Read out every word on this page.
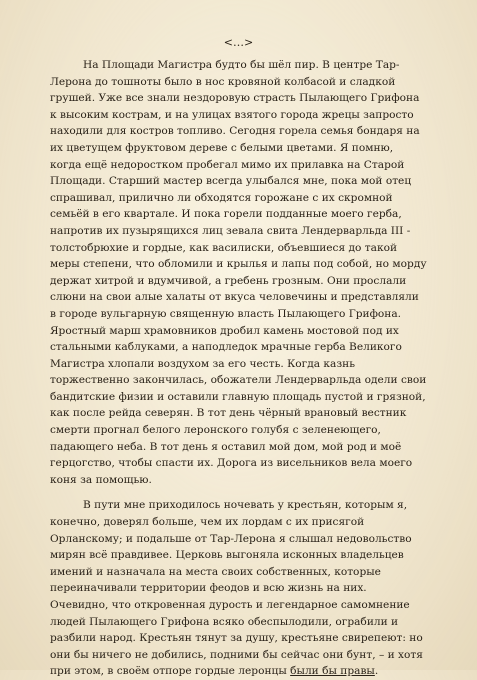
<…>

На Площади Магистра будто бы шёл пир. В центре Тар-Лерона до тошноты было в нос кровяной колбасой и сладкой грушей. Уже все знали нездоровую страсть Пылающего Грифона к высоким кострам, и на улицах взятого города жрецы запросто находили для костров топливо. Сегодня горела семья бондаря на их цветущем фруктовом дереве с белыми цветами. Я помню, когда ещё недоростком пробегал мимо их прилавка на Старой Площади. Старший мастер всегда улыбался мне, пока мой отец спрашивал, прилично ли обходятся горожане с их скромной семьёй в его квартале. И пока горели подданные моего герба, напротив их пузырящихся лиц зевала свита Лендерварльда III - толстобрюхие и гордые, как василиски, объевшиеся до такой меры степени, что обломили и крылья и лапы под собой, но морду держат хитрой и вдумчивой, а гребень грозным. Они прослали слюни на свои алые халаты от вкуса человечины и представляли в городе вульгарную священную власть Пылающего Грифона. Яростный марш храмовников дробил камень мостовой под их стальными каблуками, а наподледок мрачные герба Великого Магистра хлопали воздухом за его честь. Когда казнь торжественно закончилась, обожатели Лендерварльда одели свои бандитские физии и оставили главную площадь пустой и грязной, как после рейда северян. В тот день чёрный врановый вестник смерти прогнал белого леронского голубя с зеленеющего, падающего неба. В тот день я оставил мой дом, мой род и моё герцогство, чтобы спасти их. Дорога из висельников вела моего коня за помощью.

В пути мне приходилось ночевать у крестьян, которым я, конечно, доверял больше, чем их лордам с их присягой Орланскому; и подальше от Тар-Лерона я слышал недовольство мирян всё правдивее. Церковь выгоняла исконных владельцев имений и назначала на места своих собственных, которые переиначивали территории феодов и всю жизнь на них. Очевидно, что откровенная дурость и легендарное самомнение людей Пылающего Грифона всяко обеспылодили, ограбили и разбили народ. Крестьян тянут за душу, крестьяне свирепеют: но они бы ничего не добились, подними бы сейчас они бунт, – и хотя при этом, в своём отпоре гордые леронцы были бы правы.
